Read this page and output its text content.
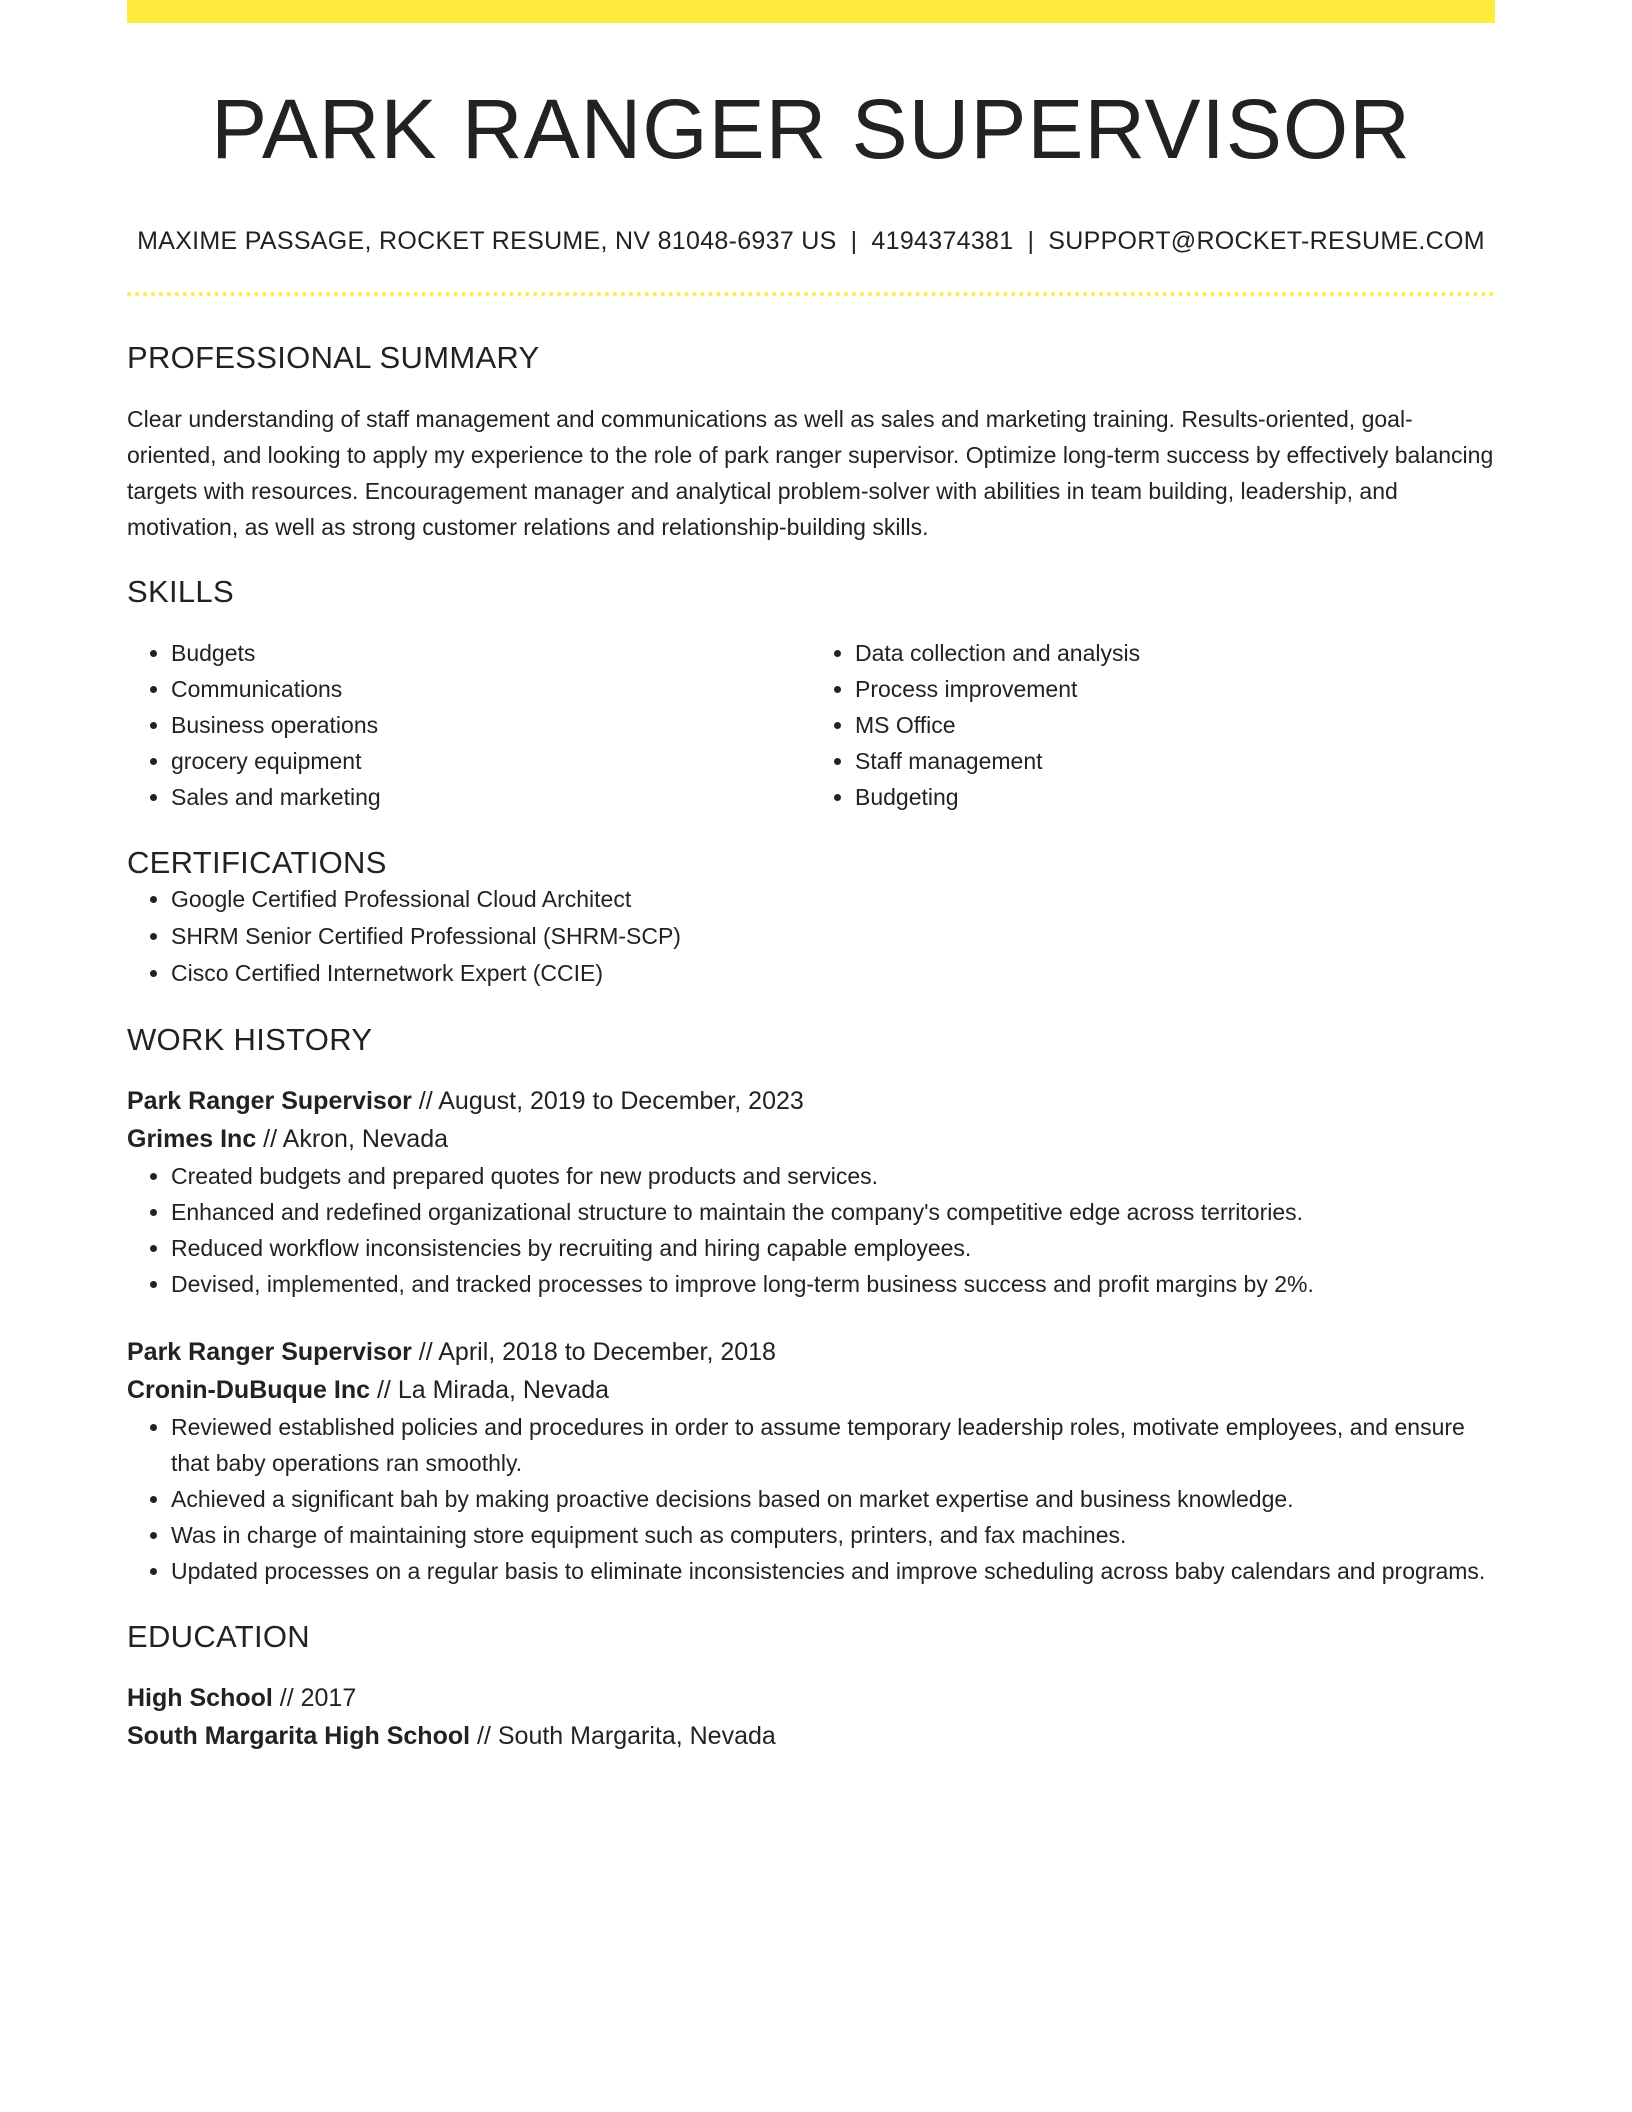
PARK RANGER SUPERVISOR
MAXIME PASSAGE, ROCKET RESUME, NV 81048-6937 US | 4194374381 | SUPPORT@ROCKET-RESUME.COM
PROFESSIONAL SUMMARY
Clear understanding of staff management and communications as well as sales and marketing training. Results-oriented, goal-oriented, and looking to apply my experience to the role of park ranger supervisor. Optimize long-term success by effectively balancing targets with resources. Encouragement manager and analytical problem-solver with abilities in team building, leadership, and motivation, as well as strong customer relations and relationship-building skills.
SKILLS
• Budgets
• Communications
• Business operations
• grocery equipment
• Sales and marketing
• Data collection and analysis
• Process improvement
• MS Office
• Staff management
• Budgeting
CERTIFICATIONS
• Google Certified Professional Cloud Architect
• SHRM Senior Certified Professional (SHRM-SCP)
• Cisco Certified Internetwork Expert (CCIE)
WORK HISTORY
Park Ranger Supervisor // August, 2019 to December, 2023
Grimes Inc // Akron, Nevada
• Created budgets and prepared quotes for new products and services.
• Enhanced and redefined organizational structure to maintain the company's competitive edge across territories.
• Reduced workflow inconsistencies by recruiting and hiring capable employees.
• Devised, implemented, and tracked processes to improve long-term business success and profit margins by 2%.
Park Ranger Supervisor // April, 2018 to December, 2018
Cronin-DuBuque Inc // La Mirada, Nevada
• Reviewed established policies and procedures in order to assume temporary leadership roles, motivate employees, and ensure that baby operations ran smoothly.
• Achieved a significant bah by making proactive decisions based on market expertise and business knowledge.
• Was in charge of maintaining store equipment such as computers, printers, and fax machines.
• Updated processes on a regular basis to eliminate inconsistencies and improve scheduling across baby calendars and programs.
EDUCATION
High School // 2017
South Margarita High School // South Margarita, Nevada
